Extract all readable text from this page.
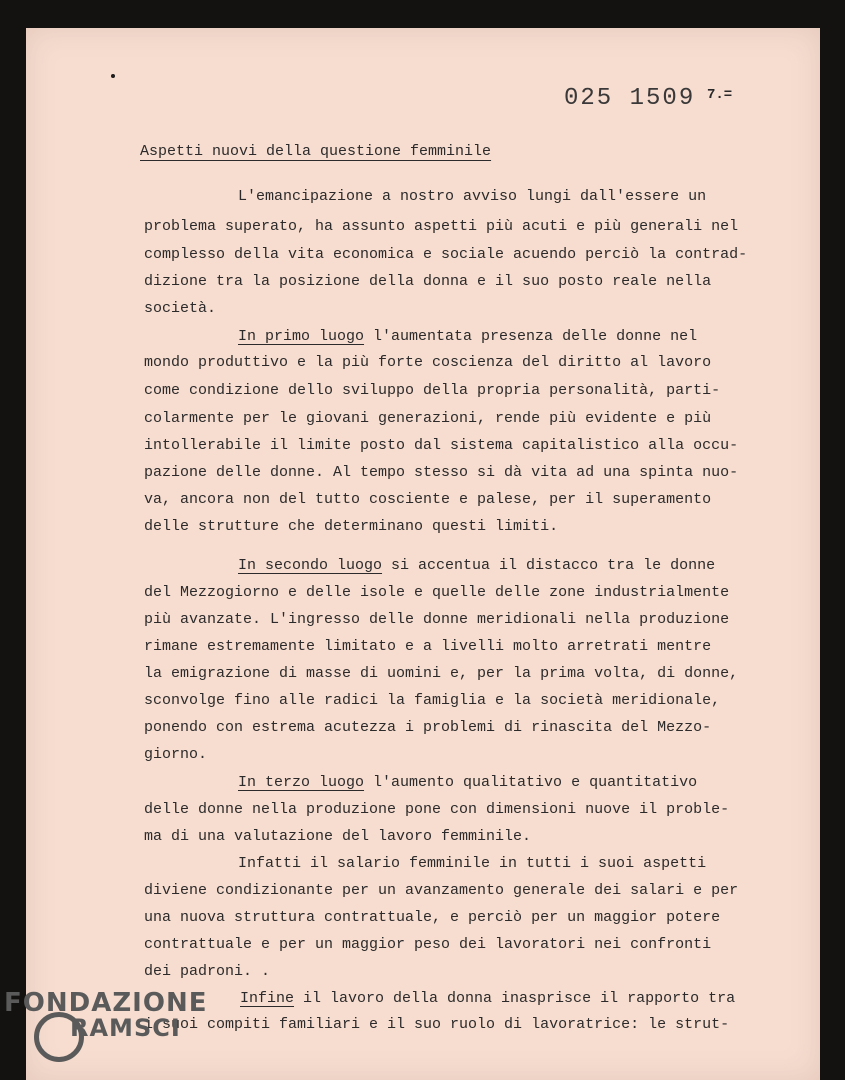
025 1509 7.=
Aspetti nuovi della questione femminile
L'emancipazione a nostro avviso lungi dall'essere un
problema superato, ha assunto aspetti più acuti e più generali nel
complesso della vita economica e sociale acuendo perciò la contrad-
dizione tra la posizione della donna e il suo posto reale nella
società.
In primo luogo l'aumentata presenza delle donne nel
mondo produttivo e la più forte coscienza del diritto al lavoro
come condizione dello sviluppo della propria personalità, parti-
colarmente per le giovani generazioni, rende più evidente e più
intollerabile il limite posto dal sistema capitalistico alla occu-
pazione delle donne. Al tempo stesso si dà vita ad una spinta nuo-
va, ancora non del tutto cosciente e palese, per il superamento
delle strutture che determinano questi limiti.
In secondo luogo si accentua il distacco tra le donne
del Mezzogiorno e delle isole e quelle delle zone industrialmente
più avanzate. L'ingresso delle donne meridionali nella produzione
rimane estremamente limitato e a livelli molto arretrati mentre
la emigrazione di masse di uomini e, per la prima volta, di donne,
sconvolge fino alle radici la famiglia e la società meridionale,
ponendo con estrema acutezza i problemi di rinascita del Mezzo-
giorno.
In terzo luogo l'aumento qualitativo e quantitativo
delle donne nella produzione pone con dimensioni nuove il proble-
ma di una valutazione del lavoro femminile.
Infatti il salario femminile in tutti i suoi aspetti
diviene condizionante per un avanzamento generale dei salari e per
una nuova struttura contrattuale, e perciò per un maggior potere
contrattuale e per un maggior peso dei lavoratori nei confronti
dei padroni. .
Infine il lavoro della donna inasprisce il rapporto tra
i suoi compiti familiari e il suo ruolo di lavoratrice: le strut-
FONDAZIONE
RAMSCI
